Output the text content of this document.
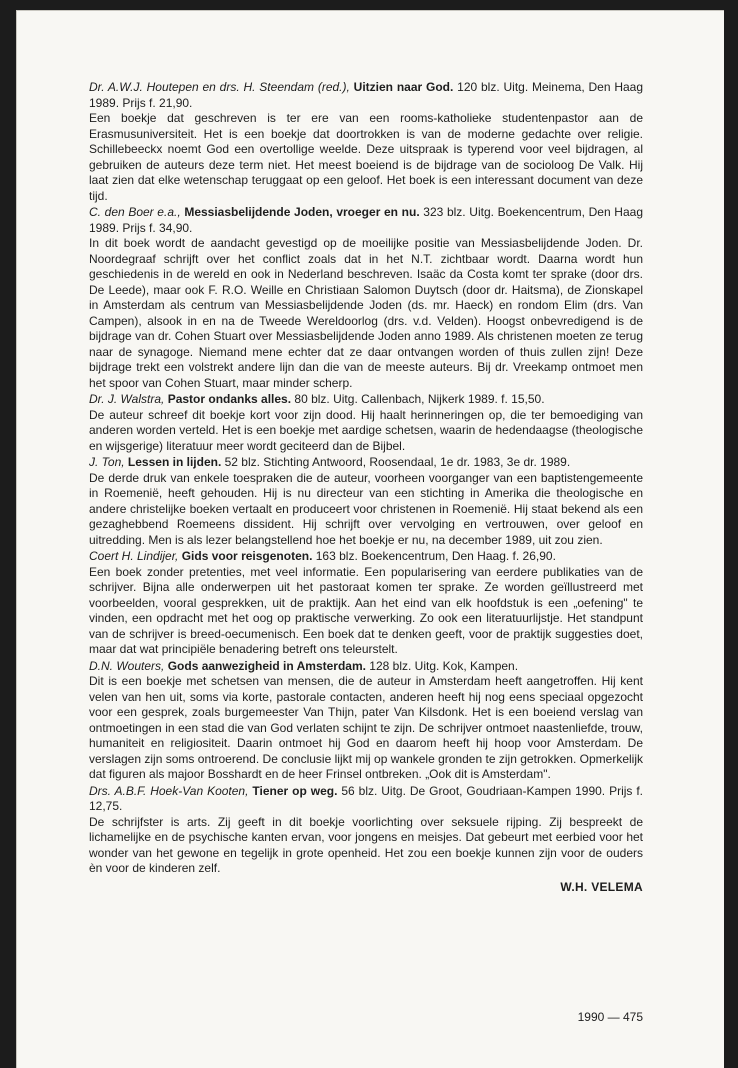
Dr. A.W.J. Houtepen en drs. H. Steendam (red.), Uitzien naar God. 120 blz. Uitg. Meinema, Den Haag 1989. Prijs f. 21,90.
Een boekje dat geschreven is ter ere van een rooms-katholieke studentenpastor aan de Erasmusuniversiteit. Het is een boekje dat doortrokken is van de moderne gedachte over religie. Schillebeeckx noemt God een overtollige weelde. Deze uitspraak is typerend voor veel bijdragen, al gebruiken de auteurs deze term niet. Het meest boeiend is de bijdrage van de socioloog De Valk. Hij laat zien dat elke wetenschap teruggaat op een geloof. Het boek is een interessant document van deze tijd.

C. den Boer e.a., Messiasbelijdende Joden, vroeger en nu. 323 blz. Uitg. Boekencentrum, Den Haag 1989. Prijs f. 34,90.
In dit boek wordt de aandacht gevestigd op de moeilijke positie van Messiasbelijdende Joden. Dr. Noordegraaf schrijft over het conflict zoals dat in het N.T. zichtbaar wordt. Daarna wordt hun geschiedenis in de wereld en ook in Nederland beschreven. Isaäc da Costa komt ter sprake (door drs. De Leede), maar ook F. R.O. Weille en Christiaan Salomon Duytsch (door dr. Haitsma), de Zionskapel in Amsterdam als centrum van Messiasbelijdende Joden (ds. mr. Haeck) en rondom Elim (drs. Van Campen), alsook in en na de Tweede Wereldoorlog (drs. v.d. Velden). Hoogst onbevredigend is de bijdrage van dr. Cohen Stuart over Messiasbelijdende Joden anno 1989. Als christenen moeten ze terug naar de synagoge. Niemand mene echter dat ze daar ontvangen worden of thuis zullen zijn! Deze bijdrage trekt een volstrekt andere lijn dan die van de meeste auteurs. Bij dr. Vreekamp ontmoet men het spoor van Cohen Stuart, maar minder scherp.

Dr. J. Walstra, Pastor ondanks alles. 80 blz. Uitg. Callenbach, Nijkerk 1989. f. 15,50.
De auteur schreef dit boekje kort voor zijn dood. Hij haalt herinneringen op, die ter bemoediging van anderen worden verteld. Het is een boekje met aardige schetsen, waarin de hedendaagse (theologische en wijsgerige) literatuur meer wordt geciteerd dan de Bijbel.

J. Ton, Lessen in lijden. 52 blz. Stichting Antwoord, Roosendaal, 1e dr. 1983, 3e dr. 1989.
De derde druk van enkele toespraken die de auteur, voorheen voorganger van een baptistengemeente in Roemenië, heeft gehouden. Hij is nu directeur van een stichting in Amerika die theologische en andere christelijke boeken vertaalt en produceert voor christenen in Roemenië. Hij staat bekend als een gezaghebbend Roemeens dissident. Hij schrijft over vervolging en vertrouwen, over geloof en uitredding. Men is als lezer belangstellend hoe het boekje er nu, na december 1989, uit zou zien.

Coert H. Lindijer, Gids voor reisgenoten. 163 blz. Boekencentrum, Den Haag. f. 26,90.
Een boek zonder pretenties, met veel informatie. Een popularisering van eerdere publikaties van de schrijver. Bijna alle onderwerpen uit het pastoraat komen ter sprake. Ze worden geïllustreerd met voorbeelden, vooral gesprekken, uit de praktijk. Aan het eind van elk hoofdstuk is een „oefening" te vinden, een opdracht met het oog op praktische verwerking. Zo ook een literatuurlijstje. Het standpunt van de schrijver is breed-oecumenisch. Een boek dat te denken geeft, voor de praktijk suggesties doet, maar dat wat principiële benadering betreft ons teleurstelt.

D.N. Wouters, Gods aanwezigheid in Amsterdam. 128 blz. Uitg. Kok, Kampen.
Dit is een boekje met schetsen van mensen, die de auteur in Amsterdam heeft aangetroffen. Hij kent velen van hen uit, soms via korte, pastorale contacten, anderen heeft hij nog eens speciaal opgezocht voor een gesprek, zoals burgemeester Van Thijn, pater Van Kilsdonk. Het is een boeiend verslag van ontmoetingen in een stad die van God verlaten schijnt te zijn. De schrijver ontmoet naastenliefde, trouw, humaniteit en religiositeit. Daarin ontmoet hij God en daarom heeft hij hoop voor Amsterdam. De verslagen zijn soms ontroerend. De conclusie lijkt mij op wankele gronden te zijn getrokken. Opmerkelijk dat figuren als majoor Bosshardt en de heer Frinsel ontbreken. „Ook dit is Amsterdam".

Drs. A.B.F. Hoek-Van Kooten, Tiener op weg. 56 blz. Uitg. De Groot, Goudriaan-Kampen 1990. Prijs f. 12,75.
De schrijfster is arts. Zij geeft in dit boekje voorlichting over seksuele rijping. Zij bespreekt de lichamelijke en de psychische kanten ervan, voor jongens en meisjes. Dat gebeurt met eerbied voor het wonder van het gewone en tegelijk in grote openheid. Het zou een boekje kunnen zijn voor de ouders èn voor de kinderen zelf.

W.H. VELEMA
1990 — 475
